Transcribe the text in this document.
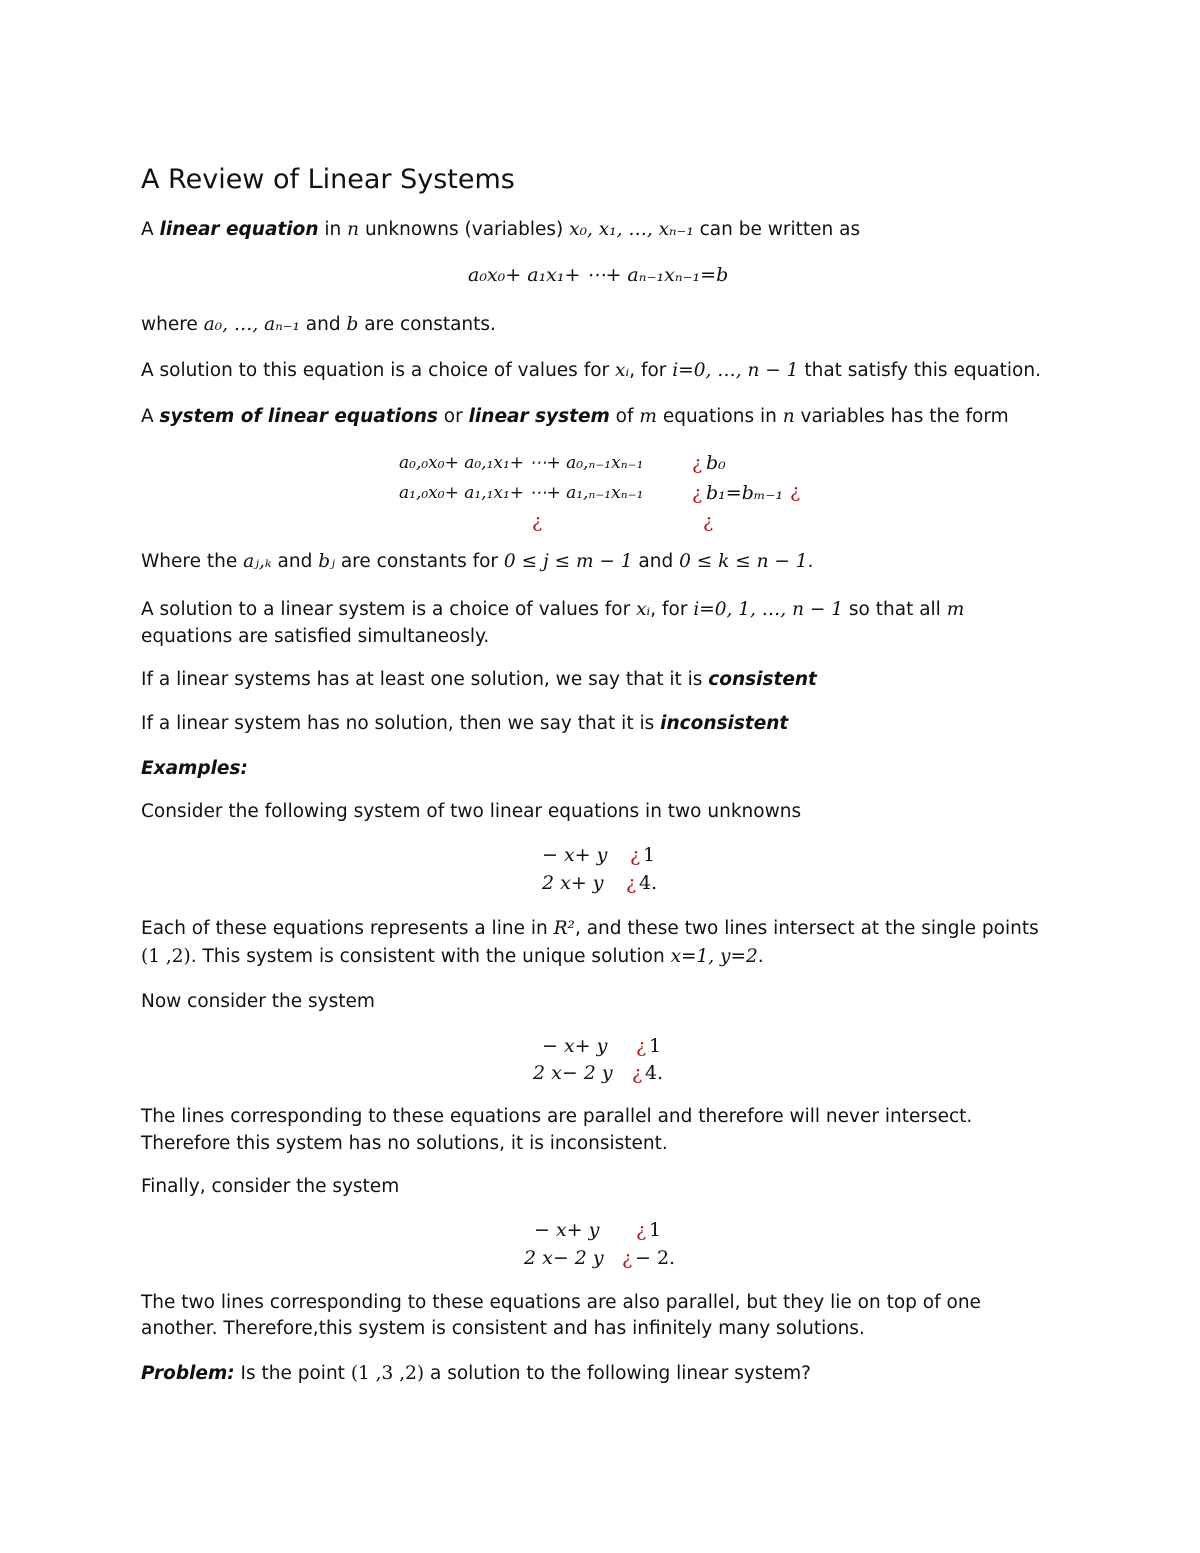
A Review of Linear Systems
A linear equation in n unknowns (variables) x₀, x₁, …, xₙ₋₁ can be written as
a₀x₀+ a₁x₁+ ⋯+ aₙ₋₁xₙ₋₁=b
where a₀, …, aₙ₋₁ and b are constants.
A solution to this equation is a choice of values for xᵢ, for i=0, …, n − 1 that satisfy this equation.
A system of linear equations or linear system of m equations in n variables has the form
a₀,₀x₀+ a₀,₁x₁+ ⋯+ a₀,ₙ₋₁xₙ₋₁	¿ b₀
a₁,₀x₀+ a₁,₁x₁+ ⋯+ a₁,ₙ₋₁xₙ₋₁	¿ b₁=bₘ₋₁ ¿
¿	¿
Where the aⱼ,ₖ and bⱼ are constants for 0 ≤ j ≤ m − 1 and 0 ≤ k ≤ n − 1.
A solution to a linear system is a choice of values for xᵢ, for i=0, 1, …, n − 1 so that all m
equations are satisfied simultaneosly.
If a linear systems has at least one solution, we say that it is consistent
If a linear system has no solution, then we say that it is inconsistent
Examples:
Consider the following system of two linear equations in two unknowns
− x+ y ¿ 1
2 x+ y ¿ 4.
Each of these equations represents a line in R², and these two lines intersect at the single points
(1 ,2). This system is consistent with the unique solution x=1, y=2.
Now consider the system
− x+ y ¿ 1
2 x− 2 y ¿ 4.
The lines corresponding to these equations are parallel and therefore will never intersect.
Therefore this system has no solutions, it is inconsistent.
Finally, consider the system
− x+ y ¿ 1
2 x− 2 y ¿ − 2.
The two lines corresponding to these equations are also parallel, but they lie on top of one
another. Therefore,this system is consistent and has infinitely many solutions.
Problem: Is the point (1 ,3 ,2) a solution to the following linear system?
